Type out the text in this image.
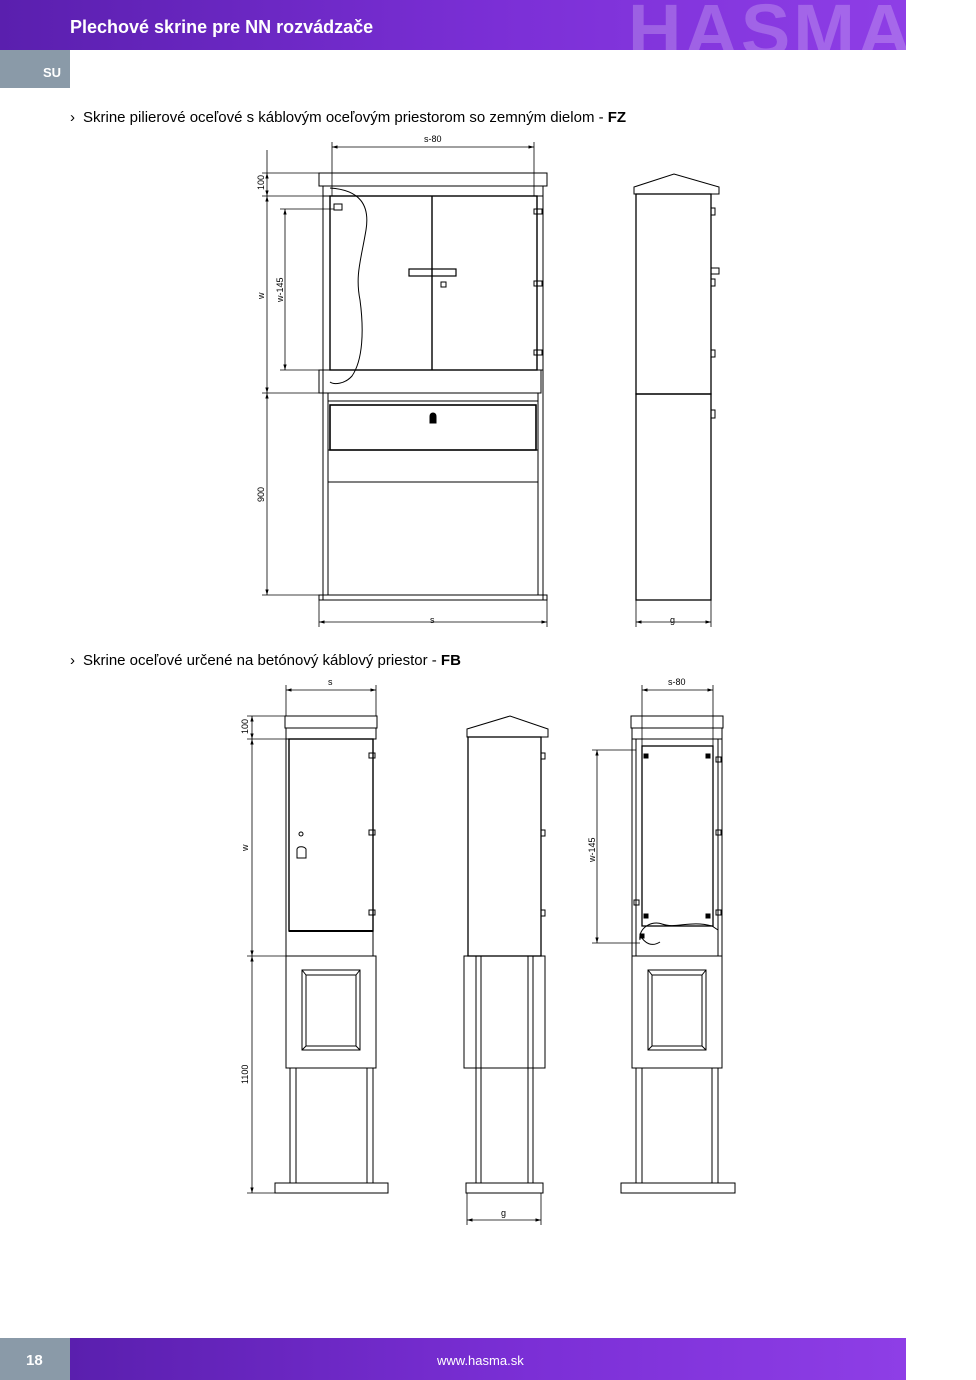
HASMA
Plechové skrine pre NN rozvádzače
SU
› Skrine pilierové oceľové s káblovým oceľovým priestorom so zemným dielom - FZ
› Skrine oceľové určené na betónový káblový priestor - FB
s-80
100
w w-145
900
s	g
s
100
w
1100
g
s-80
w-145
18	www.hasma.sk
